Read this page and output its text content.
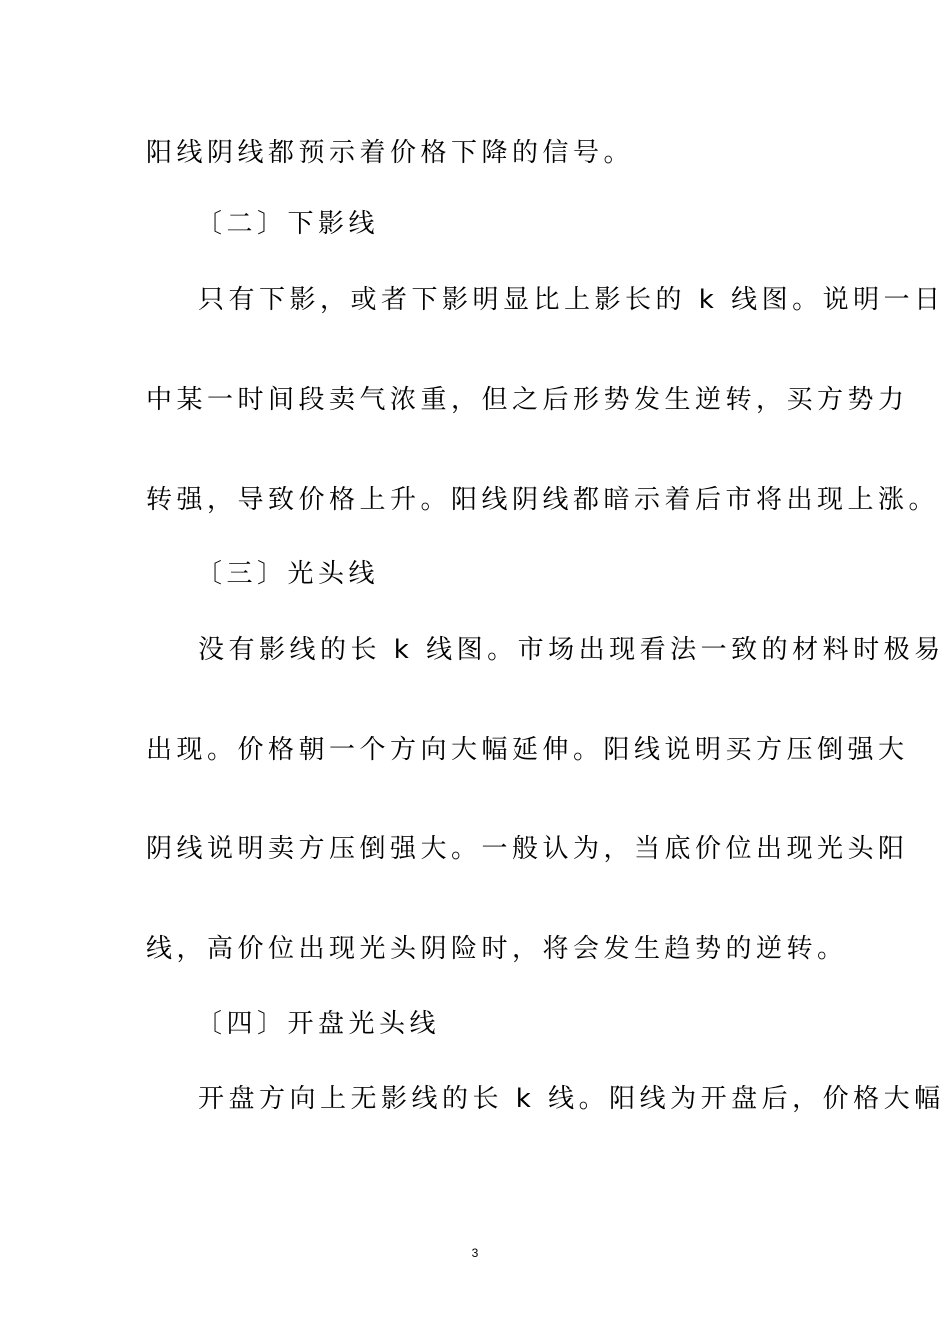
阳线阴线都预示着价格下降的信号。
〔二〕下影线
只有下影，或者下影明显比上影长的 k 线图。说明一日
中某一时间段卖气浓重，但之后形势发生逆转，买方势力
转强，导致价格上升。阳线阴线都暗示着后市将出现上涨。
〔三〕光头线
没有影线的长 k 线图。市场出现看法一致的材料时极易
出现。价格朝一个方向大幅延伸。阳线说明买方压倒强大
阴线说明卖方压倒强大。一般认为，当底价位出现光头阳
线，高价位出现光头阴险时，将会发生趋势的逆转。
〔四〕开盘光头线
开盘方向上无影线的长 k 线。阳线为开盘后，价格大幅
3
